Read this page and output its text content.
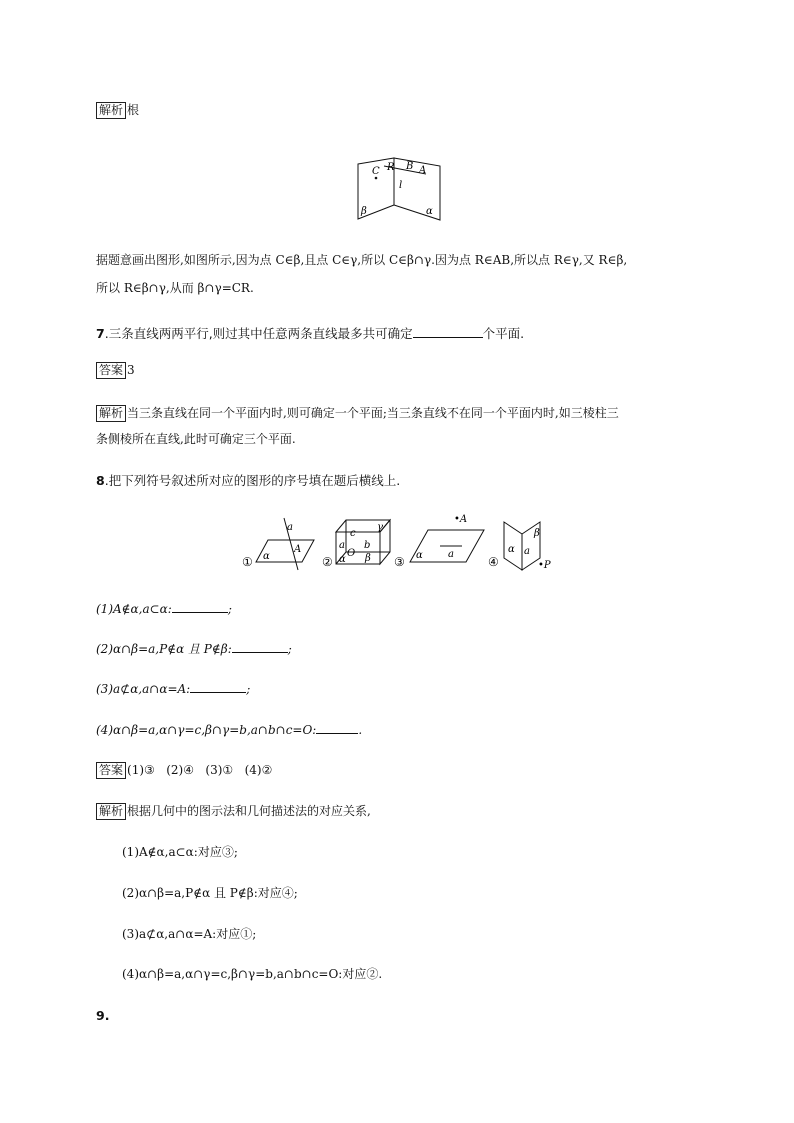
解析 根
C R B A
l
β	α
据题意画出图形,如图所示,因为点 C∈β,且点 C∈γ,所以 C∈β∩γ.因为点 R∈AB,所以点 R∈γ,又 R∈β,
所以 R∈β∩γ,从而 β∩γ=CR.
7.三条直线两两平行,则过其中任意两条直线最多共可确定	个平面.
答案 3
解析 当三条直线在同一个平面内时,则可确定一个平面;当三条直线不在同一个平面内时,如三棱柱三
条侧棱所在直线,此时可确定三个平面.
8.把下列符号叙述所对应的图形的序号填在题后横线上.
①
a
A
α	②
c
γ
a
O
b
α β ③
•A
a
α	④
β
α a
•P
(1)A∉α,a⊂α:	;
(2)α∩β=a,P∉α 且 P∉β:	;
(3)a⊄α,a∩α=A:	;
(4)α∩β=a,α∩γ=c,β∩γ=b,a∩b∩c=O:	.
答案 (1)③   (2)④   (3)①   (4)②
解析 根据几何中的图示法和几何描述法的对应关系,
(1)A∉α,a⊂α:对应③;
(2)α∩β=a,P∉α 且 P∉β:对应④;
(3)a⊄α,a∩α=A:对应①;
(4)α∩β=a,α∩γ=c,β∩γ=b,a∩b∩c=O:对应②.
9.
